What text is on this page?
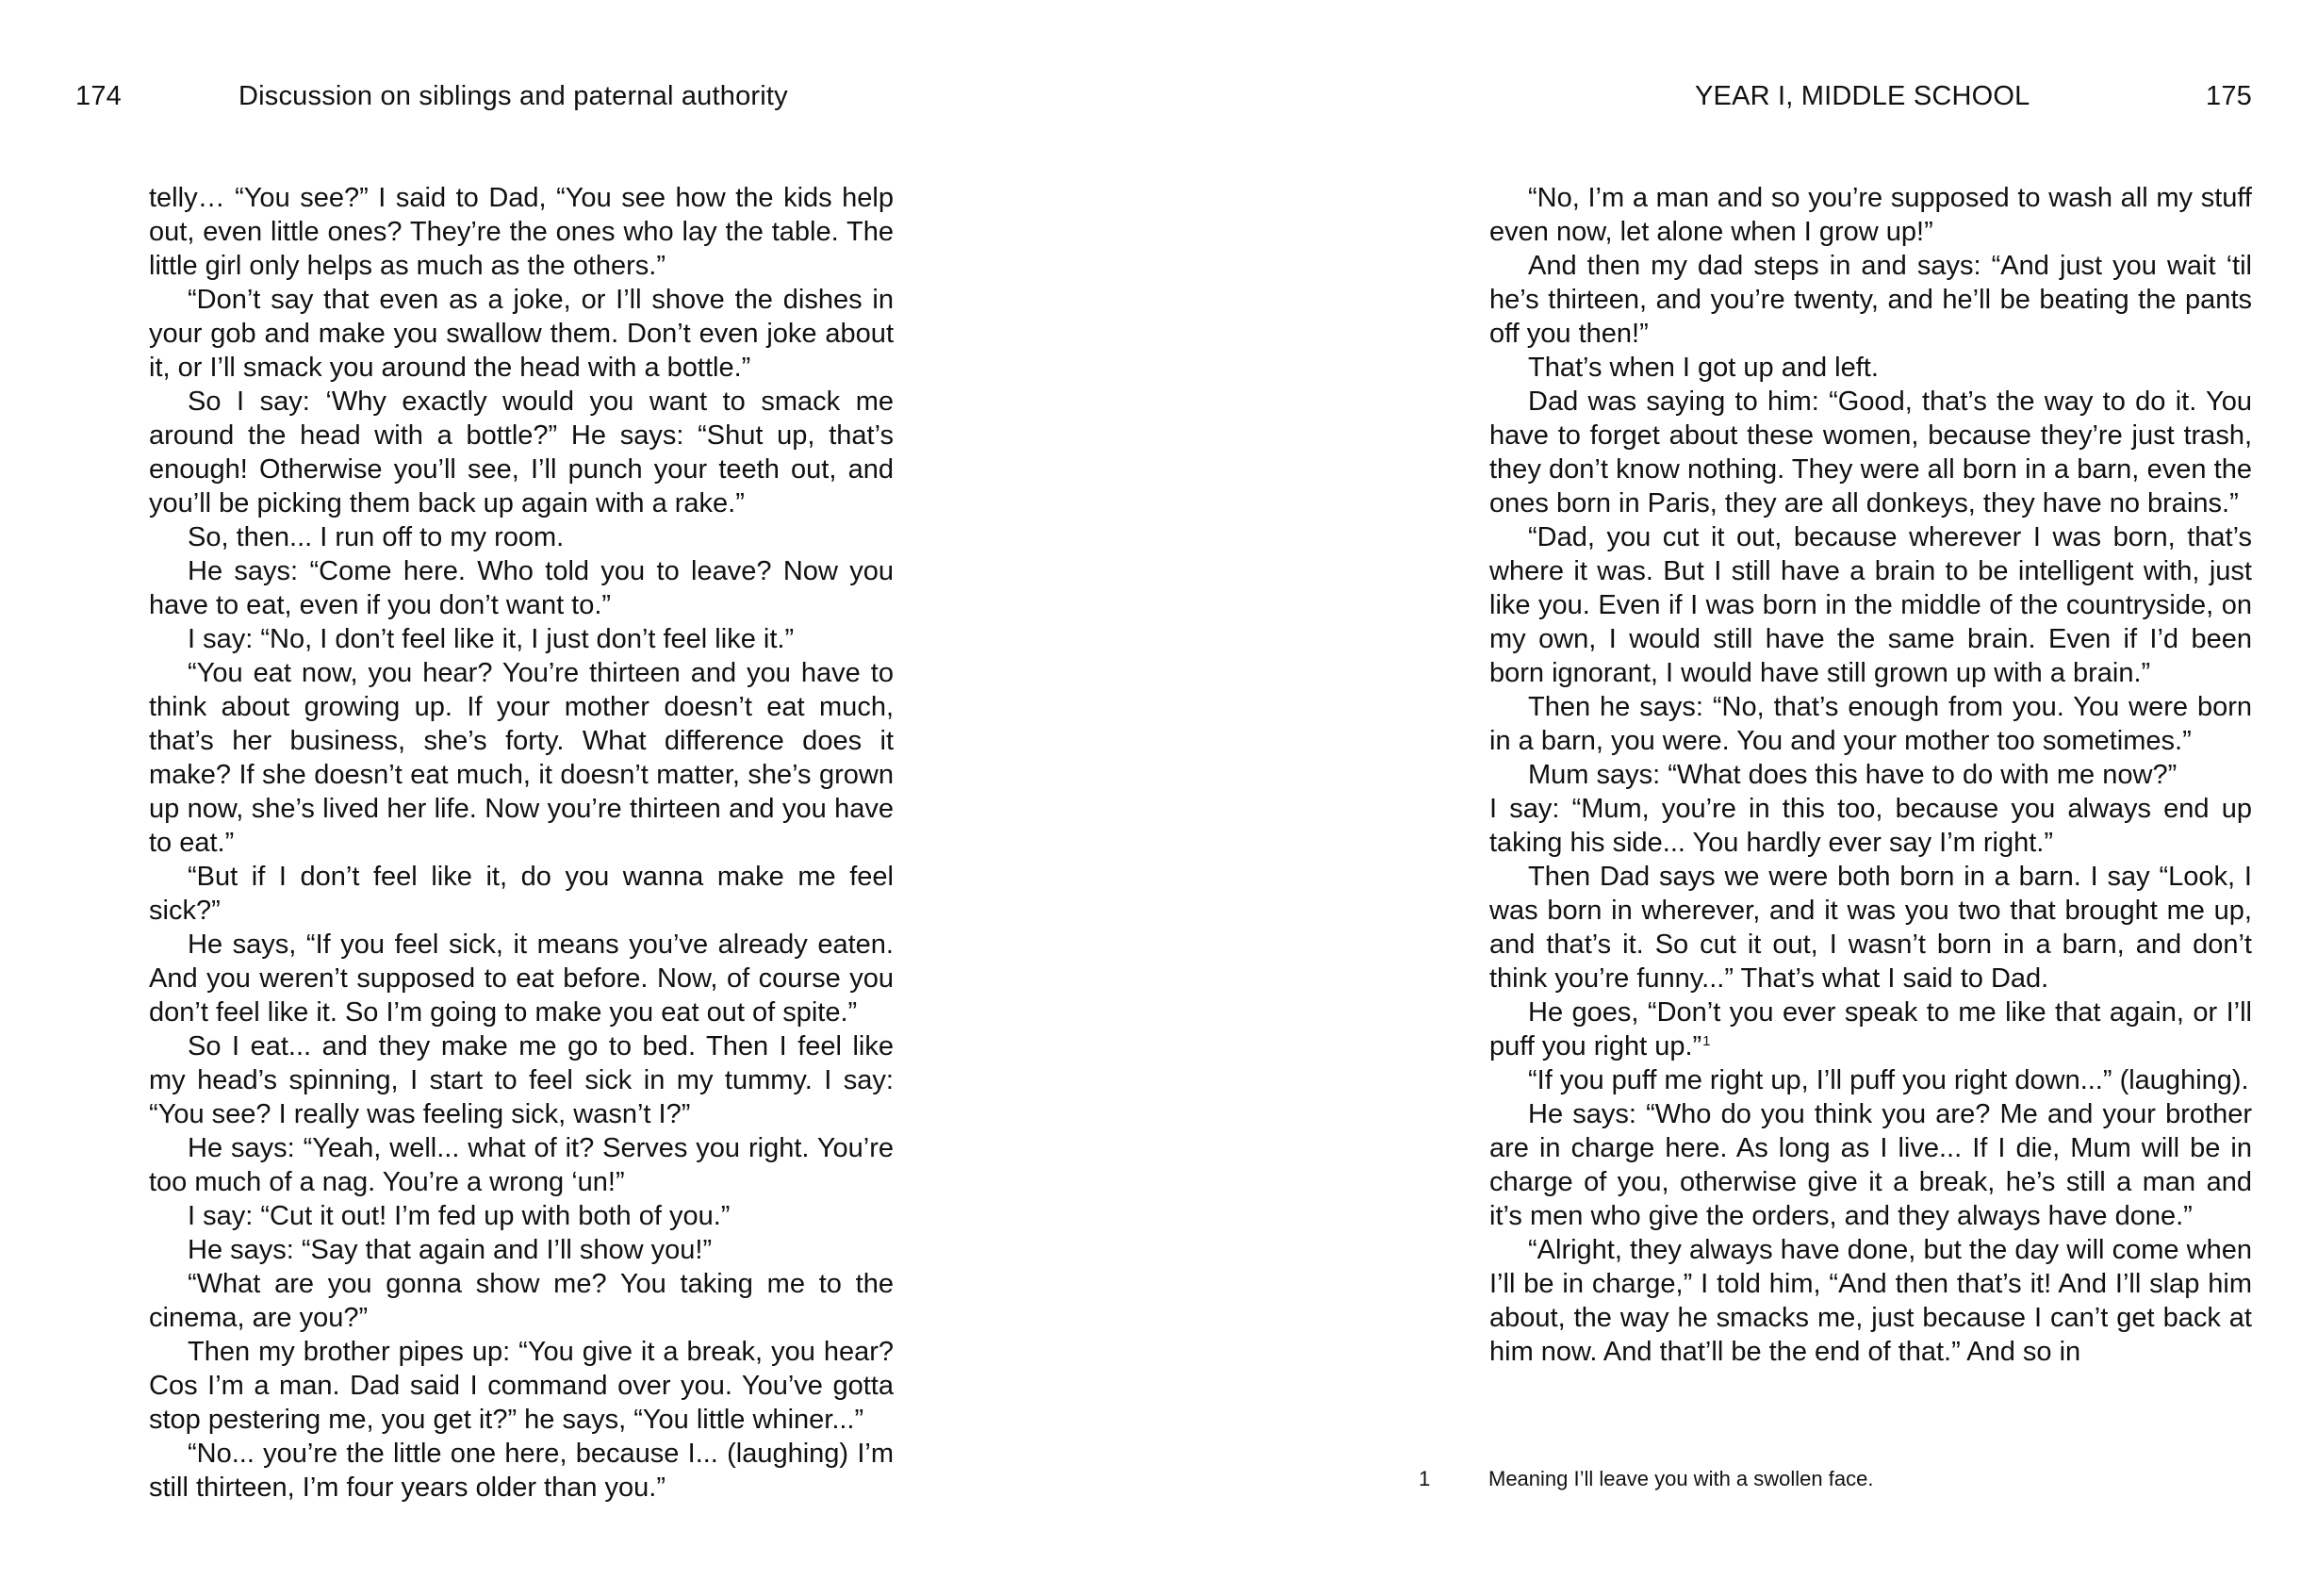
174	Discussion on siblings and paternal authority

telly… “You see?” I said to Dad, “You see how the kids help out, even little ones? They’re the ones who lay the table. The little girl only helps as much as the others.”

“Don’t say that even as a joke, or I’ll shove the dishes in your gob and make you swallow them. Don’t even joke about it, or I’ll smack you around the head with a bottle.”

So I say: ‘Why exactly would you want to smack me around the head with a bottle?” He says: “Shut up, that’s enough! Otherwise you’ll see, I’ll punch your teeth out, and you’ll be picking them back up again with a rake.”

So, then... I run off to my room.

He says: “Come here. Who told you to leave? Now you have to eat, even if you don’t want to.”

I say: “No, I don’t feel like it, I just don’t feel like it.”

“You eat now, you hear? You’re thirteen and you have to think about growing up. If your mother doesn’t eat much, that’s her business, she’s forty. What difference does it make? If she doesn’t eat much, it doesn’t matter, she’s grown up now, she’s lived her life. Now you’re thirteen and you have to eat.”

“But if I don’t feel like it, do you wanna make me feel sick?”

He says, “If you feel sick, it means you’ve already eaten. And you weren’t supposed to eat before. Now, of course you don’t feel like it. So I’m going to make you eat out of spite.”

So I eat... and they make me go to bed. Then I feel like my head’s spinning, I start to feel sick in my tummy. I say: “You see? I really was feeling sick, wasn’t I?”

He says: “Yeah, well... what of it? Serves you right. You’re too much of a nag. You’re a wrong ‘un!”

I say: “Cut it out! I’m fed up with both of you.”

He says: “Say that again and I’ll show you!”

“What are you gonna show me? You taking me to the cinema, are you?”

Then my brother pipes up: “You give it a break, you hear? Cos I’m a man. Dad said I command over you. You’ve gotta stop pestering me, you get it?” he says, “You little whiner...”

“No... you’re the little one here, because I... (laughing) I’m still thirteen, I’m four years older than you.”

YEAR I, MIDDLE SCHOOL	175

“No, I’m a man and so you’re supposed to wash all my stuff even now, let alone when I grow up!”

And then my dad steps in and says: “And just you wait ‘til he’s thirteen, and you’re twenty, and he’ll be beating the pants off you then!”

That’s when I got up and left.

Dad was saying to him: “Good, that’s the way to do it. You have to forget about these women, because they’re just trash, they don’t know nothing. They were all born in a barn, even the ones born in Paris, they are all donkeys, they have no brains.”

“Dad, you cut it out, because wherever I was born, that’s where it was. But I still have a brain to be intelligent with, just like you. Even if I was born in the middle of the countryside, on my own, I would still have the same brain. Even if I’d been born ignorant, I would have still grown up with a brain.”

Then he says: “No, that’s enough from you. You were born in a barn, you were. You and your mother too sometimes.”

Mum says: “What does this have to do with me now?”

I say: “Mum, you’re in this too, because you always end up taking his side... You hardly ever say I’m right.”

Then Dad says we were both born in a barn. I say “Look, I was born in wherever, and it was you two that brought me up, and that’s it. So cut it out, I wasn’t born in a barn, and don’t think you’re funny...” That’s what I said to Dad.

He goes, “Don’t you ever speak to me like that again, or I’ll puff you right up.”$^1$

“If you puff me right up, I’ll puff you right down...” (laughing).

He says: “Who do you think you are? Me and your brother are in charge here. As long as I live... If I die, Mum will be in charge of you, otherwise give it a break, he’s still a man and it’s men who give the orders, and they always have done.”

“Alright, they always have done, but the day will come when I’ll be in charge,” I told him, “And then that’s it! And I’ll slap him about, the way he smacks me, just because I can’t get back at him now. And that’ll be the end of that.” And so in

1	Meaning I’ll leave you with a swollen face.
